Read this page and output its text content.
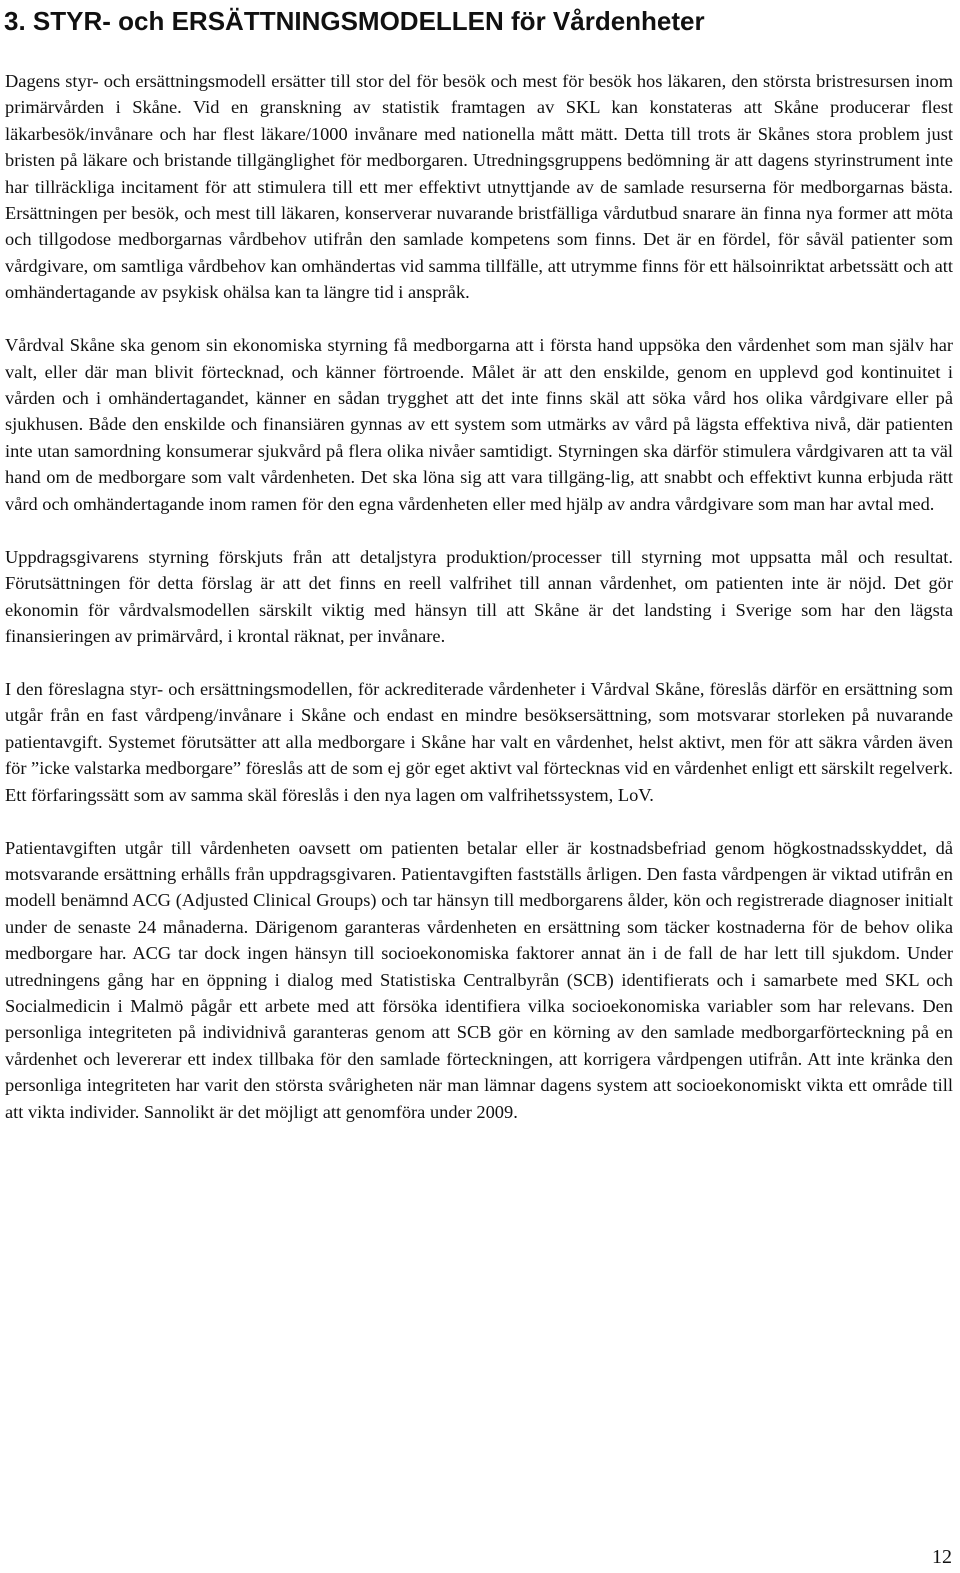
3. STYR- och ERSÄTTNINGSMODELLEN för Vårdenheter

Dagens styr- och ersättningsmodell ersätter till stor del för besök och mest för besök hos läkaren, den största bristresursen inom primärvården i Skåne. Vid en granskning av statistik framtagen av SKL kan konstateras att Skåne producerar flest läkarbesök/invånare och har flest läkare/1000 invånare med nationella mått mätt. Detta till trots är Skånes stora problem just bristen på läkare och bristande tillgänglighet för medborgaren. Utredningsgruppens bedömning är att dagens styrinstrument inte har tillräckliga incitament för att stimulera till ett mer effektivt utnyttjande av de samlade resurserna för medborgarnas bästa. Ersättningen per besök, och mest till läkaren, konserverar nuvarande bristfälliga vårdutbud snarare än finna nya former att möta och tillgodose medborgarnas vårdbehov utifrån den samlade kompetens som finns. Det är en fördel, för såväl patienter som vårdgivare, om samtliga vårdbehov kan omhändertas vid samma tillfälle, att utrymme finns för ett hälsoinriktat arbetssätt och att omhändertagande av psykisk ohälsa kan ta längre tid i anspråk.

Vårdval Skåne ska genom sin ekonomiska styrning få medborgarna att i första hand uppsöka den vårdenhet som man själv har valt, eller där man blivit förtecknad, och känner förtroende. Målet är att den enskilde, genom en upplevd god kontinuitet i vården och i omhändertagandet, känner en sådan trygghet att det inte finns skäl att söka vård hos olika vårdgivare eller på sjukhusen. Både den enskilde och finansiären gynnas av ett system som utmärks av vård på lägsta effektiva nivå, där patienten inte utan samordning konsumerar sjukvård på flera olika nivåer samtidigt. Styrningen ska därför stimulera vårdgivaren att ta väl hand om de medborgare som valt vårdenheten. Det ska löna sig att vara tillgäng-lig, att snabbt och effektivt kunna erbjuda rätt vård och omhändertagande inom ramen för den egna vårdenheten eller med hjälp av andra vårdgivare som man har avtal med.

Uppdragsgivarens styrning förskjuts från att detaljstyra produktion/processer till styrning mot uppsatta mål och resultat. Förutsättningen för detta förslag är att det finns en reell valfrihet till annan vårdenhet, om patienten inte är nöjd. Det gör ekonomin för vårdvalsmodellen särskilt viktig med hänsyn till att Skåne är det landsting i Sverige som har den lägsta finansieringen av primärvård, i krontal räknat, per invånare.

I den föreslagna styr- och ersättningsmodellen, för ackrediterade vårdenheter i Vårdval Skåne, föreslås därför en ersättning som utgår från en fast vårdpeng/invånare i Skåne och endast en mindre besöksersättning, som motsvarar storleken på nuvarande patientavgift. Systemet förutsätter att alla medborgare i Skåne har valt en vårdenhet, helst aktivt, men för att säkra vården även för ”icke valstarka medborgare” föreslås att de som ej gör eget aktivt val förtecknas vid en vårdenhet enligt ett särskilt regelverk. Ett förfaringssätt som av samma skäl föreslås i den nya lagen om valfrihetssystem, LoV.

Patientavgiften utgår till vårdenheten oavsett om patienten betalar eller är kostnadsbefriad genom högkostnadsskyddet, då motsvarande ersättning erhålls från uppdragsgivaren. Patientavgiften fastställs årligen. Den fasta vårdpengen är viktad utifrån en modell benämnd ACG (Adjusted Clinical Groups) och tar hänsyn till medborgarens ålder, kön och registrerade diagnoser initialt under de senaste 24 månaderna. Därigenom garanteras vårdenheten en ersättning som täcker kostnaderna för de behov olika medborgare har. ACG tar dock ingen hänsyn till socioekonomiska faktorer annat än i de fall de har lett till sjukdom. Under utredningens gång har en öppning i dialog med Statistiska Centralbyrån (SCB) identifierats och i samarbete med SKL och Socialmedicin i Malmö pågår ett arbete med att försöka identifiera vilka socioekonomiska variabler som har relevans. Den personliga integriteten på individnivå garanteras genom att SCB gör en körning av den samlade medborgarförteckning på en vårdenhet och levererar ett index tillbaka för den samlade förteckningen, att korrigera vårdpengen utifrån. Att inte kränka den personliga integriteten har varit den största svårigheten när man lämnar dagens system att socioekonomiskt vikta ett område till att vikta individer. Sannolikt är det möjligt att genomföra under 2009.

12
